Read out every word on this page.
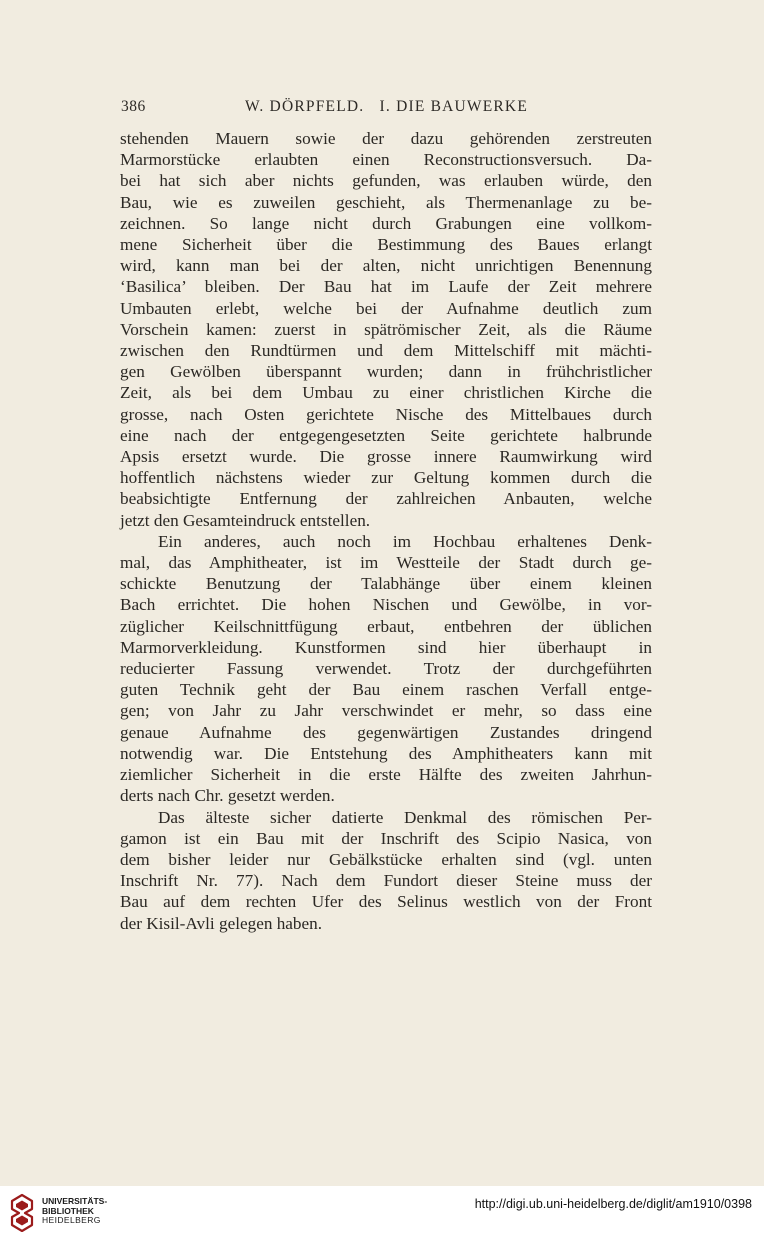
386	W. DÖRPFELD.   I. DIE BAUWERKE

stehenden Mauern sowie der dazu gehörenden zerstreuten
Marmorstücke erlaubten einen Reconstructionsversuch. Da-
bei hat sich aber nichts gefunden, was erlauben würde, den
Bau, wie es zuweilen geschieht, als Thermenanlage zu be-
zeichnen. So lange nicht durch Grabungen eine vollkom-
mene Sicherheit über die Bestimmung des Baues erlangt
wird, kann man bei der alten, nicht unrichtigen Benennung
‘Basilica’ bleiben. Der Bau hat im Laufe der Zeit mehrere
Umbauten erlebt, welche bei der Aufnahme deutlich zum
Vorschein kamen: zuerst in spätrömischer Zeit, als die Räume
zwischen den Rundtürmen und dem Mittelschiff mit mächti-
gen Gewölben überspannt wurden; dann in frühchristlicher
Zeit, als bei dem Umbau zu einer christlichen Kirche die
grosse, nach Osten gerichtete Nische des Mittelbaues durch
eine nach der entgegengesetzten Seite gerichtete halbrunde
Apsis ersetzt wurde. Die grosse innere Raumwirkung wird
hoffentlich nächstens wieder zur Geltung kommen durch die
beabsichtigte Entfernung der zahlreichen Anbauten, welche
jetzt den Gesamteindruck entstellen.

Ein anderes, auch noch im Hochbau erhaltenes Denk-
mal, das Amphitheater, ist im Westteile der Stadt durch ge-
schickte Benutzung der Talabhänge über einem kleinen
Bach errichtet. Die hohen Nischen und Gewölbe, in vor-
züglicher Keilschnittfügung erbaut, entbehren der üblichen
Marmorverkleidung. Kunstformen sind hier überhaupt in
reducierter Fassung verwendet. Trotz der durchgeführten
guten Technik geht der Bau einem raschen Verfall entge-
gen; von Jahr zu Jahr verschwindet er mehr, so dass eine
genaue Aufnahme des gegenwärtigen Zustandes dringend
notwendig war. Die Entstehung des Amphitheaters kann mit
ziemlicher Sicherheit in die erste Hälfte des zweiten Jahrhun-
derts nach Chr. gesetzt werden.

Das älteste sicher datierte Denkmal des römischen Per-
gamon ist ein Bau mit der Inschrift des Scipio Nasica, von
dem bisher leider nur Gebälkstücke erhalten sind (vgl. unten
Inschrift Nr. 77). Nach dem Fundort dieser Steine muss der
Bau auf dem rechten Ufer des Selinus westlich von der Front
der Kisil-Avli gelegen haben.

UNIVERSITÄTS-
BIBLIOTHEK
HEIDELBERG
http://digi.ub.uni-heidelberg.de/diglit/am1910/0398
